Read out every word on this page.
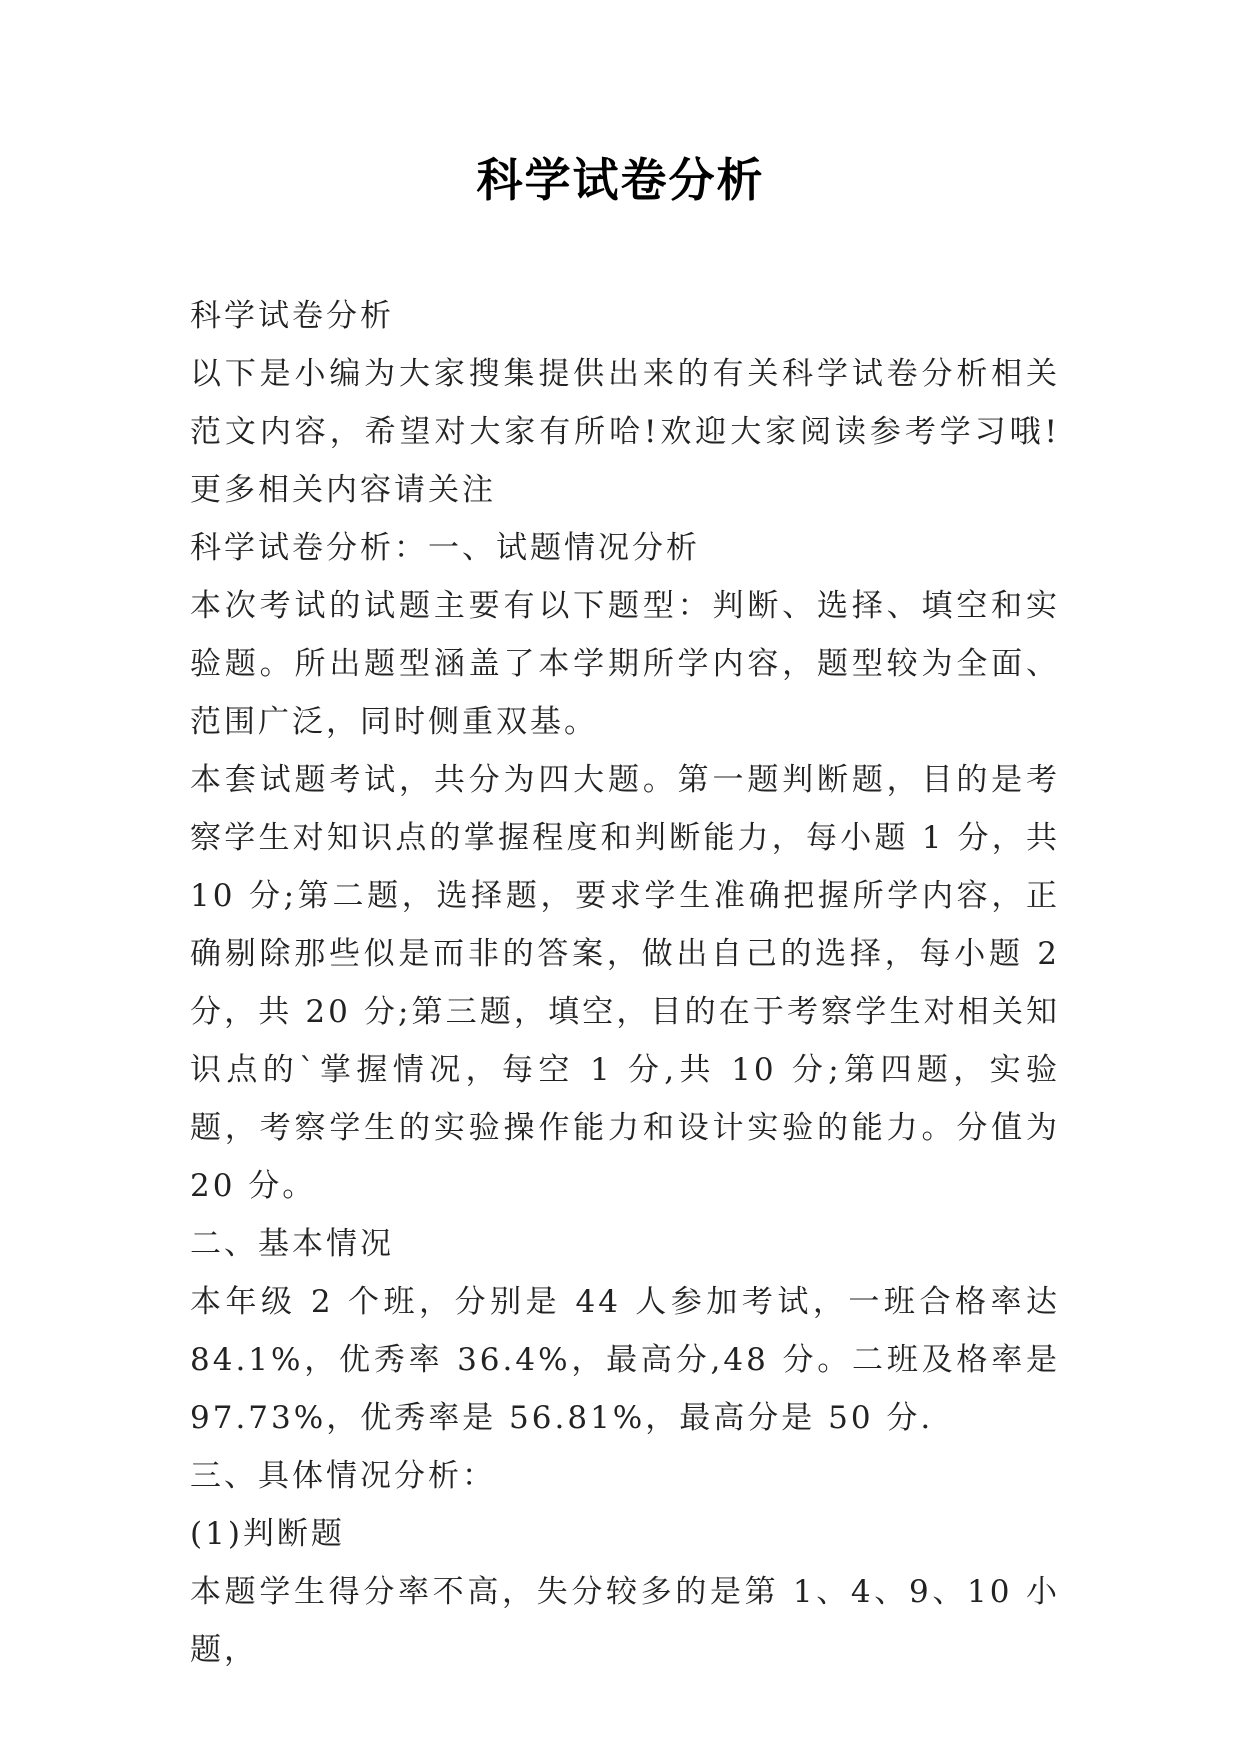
科学试卷分析

科学试卷分析

以下是小编为大家搜集提供出来的有关科学试卷分析相关范文内容，希望对大家有所哈!欢迎大家阅读参考学习哦!更多相关内容请关注

科学试卷分析：一、试题情况分析

本次考试的试题主要有以下题型：判断、选择、填空和实验题。所出题型涵盖了本学期所学内容，题型较为全面、范围广泛，同时侧重双基。

本套试题考试，共分为四大题。第一题判断题，目的是考察学生对知识点的掌握程度和判断能力，每小题 1 分，共 10 分;第二题，选择题，要求学生准确把握所学内容，正确剔除那些似是而非的答案，做出自己的选择，每小题 2 分，共 20 分;第三题，填空，目的在于考察学生对相关知识点的`掌握情况，每空 1 分,共 10 分;第四题，实验题，考察学生的实验操作能力和设计实验的能力。分值为 20 分。

二、基本情况

本年级 2 个班，分别是 44 人参加考试，一班合格率达 84.1%，优秀率 36.4%，最高分,48 分。二班及格率是 97.73%，优秀率是 56.81%，最高分是 50 分.

三、具体情况分析：

(1)判断题

本题学生得分率不高，失分较多的是第 1、4、9、10 小题，
